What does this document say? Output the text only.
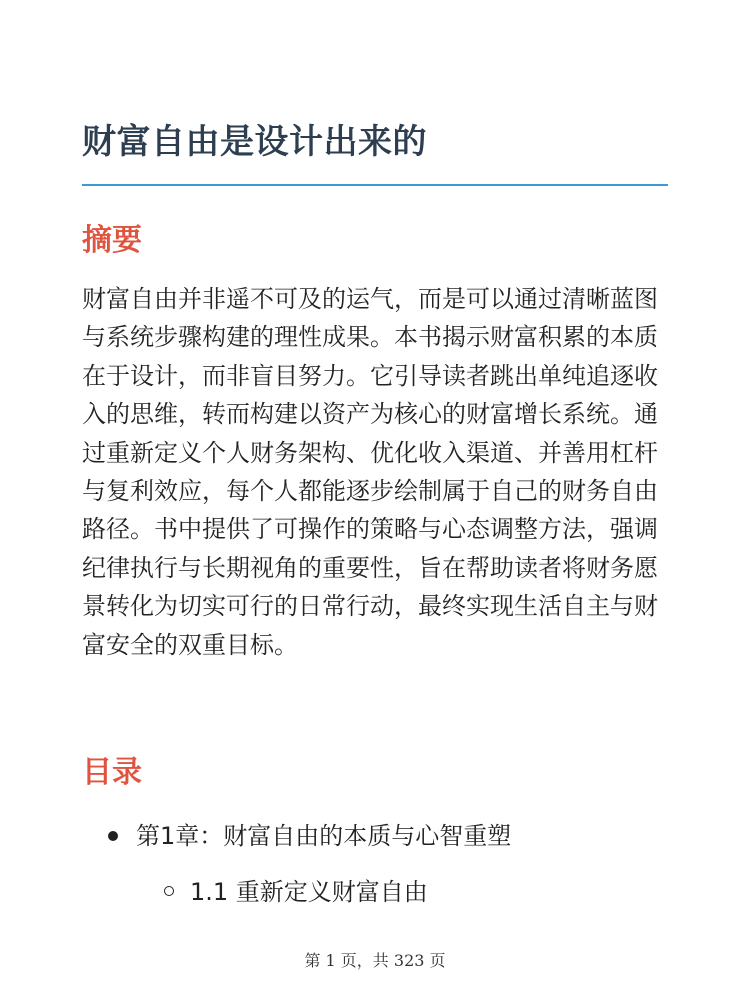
财富自由是设计出来的
摘要

财富自由并非遥不可及的运气，而是可以通过清晰蓝图与系统步骤构建的理性成果。本书揭示财富积累的本质在于设计，而非盲目努力。它引导读者跳出单纯追逐收入的思维，转而构建以资产为核心的财富增长系统。通过重新定义个人财务架构、优化收入渠道、并善用杠杆与复利效应，每个人都能逐步绘制属于自己的财务自由路径。书中提供了可操作的策略与心态调整方法，强调纪律执行与长期视角的重要性，旨在帮助读者将财务愿景转化为切实可行的日常行动，最终实现生活自主与财富安全的双重目标。

目录
第1章：财富自由的本质与心智重塑
1.1 重新定义财富自由
第 1 页，共 323 页
